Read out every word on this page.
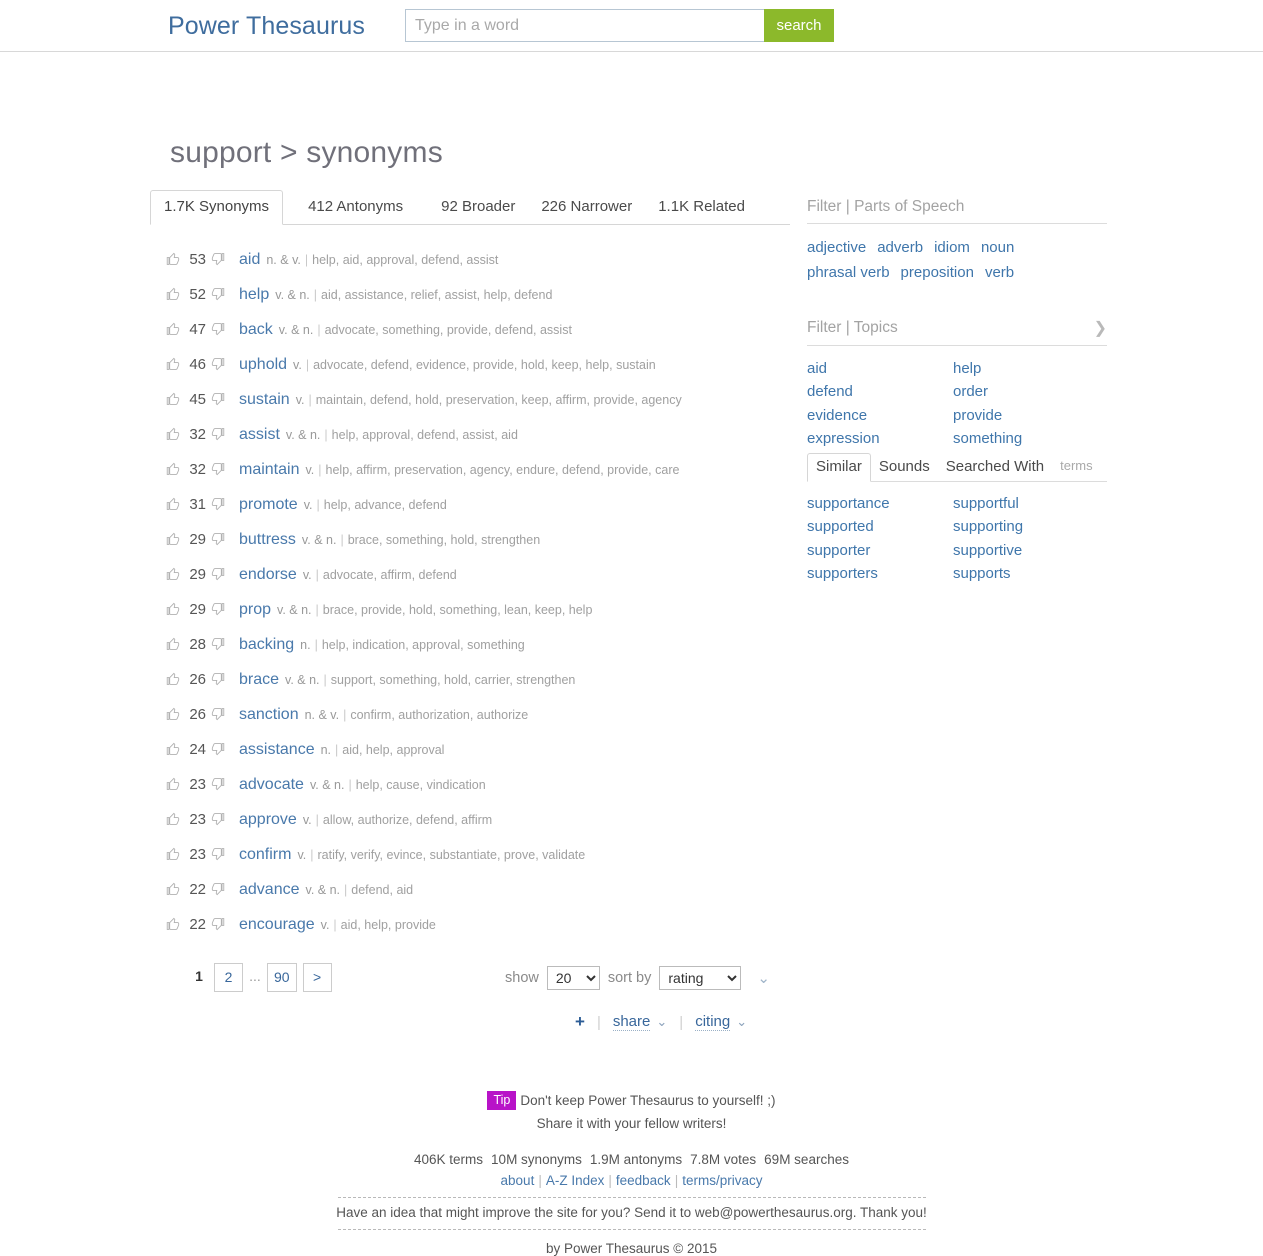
Power Thesaurus
Type in a word	search
support > synonyms
1.7K Synonyms	412 Antonyms	92 Broader	226 Narrower	1.1K Related
53 aid n. & v. | help, aid, approval, defend, assist
52 help v. & n. | aid, assistance, relief, assist, help, defend
47 back v. & n. | advocate, something, provide, defend, assist
46 uphold v. | advocate, defend, evidence, provide, hold, keep, help, sustain
45 sustain v. | maintain, defend, hold, preservation, keep, affirm, provide, agency
32 assist v. & n. | help, approval, defend, assist, aid
32 maintain v. | help, affirm, preservation, agency, endure, defend, provide, care
31 promote v. | help, advance, defend
29 buttress v. & n. | brace, something, hold, strengthen
29 endorse v. | advocate, affirm, defend
29 prop v. & n. | brace, provide, hold, something, lean, keep, help
28 backing n. | help, indication, approval, something
26 brace v. & n. | support, something, hold, carrier, strengthen
26 sanction n. & v. | confirm, authorization, authorize
24 assistance n. | aid, help, approval
23 advocate v. & n. | help, cause, vindication
23 approve v. | allow, authorize, defend, affirm
23 confirm v. | ratify, verify, evince, substantiate, prove, validate
22 advance v. & n. | defend, aid
22 encourage v. | aid, help, provide
1	2	... 90	>	show
20	sort by
rating	⌄
+ | share ⌄ | citing ⌄
Filter | Parts of Speech
adjective adverb idiom noun
phrasal verb preposition verb
Filter | Topics	❯
aid	help
defend	order
evidence	provide
expression	something
Similar	Sounds	Searched With	terms
supportance	supportful
supported	supporting
supporter	supportive
supporters	supports
Tip Don't keep Power Thesaurus to yourself! ;)
Share it with your fellow writers!
406K terms 10M synonyms 1.9M antonyms 7.8M votes 69M searches
about | A-Z Index | feedback | terms/privacy
Have an idea that might improve the site for you? Send it to web@powerthesaurus.org. Thank you!
by Power Thesaurus © 2015
